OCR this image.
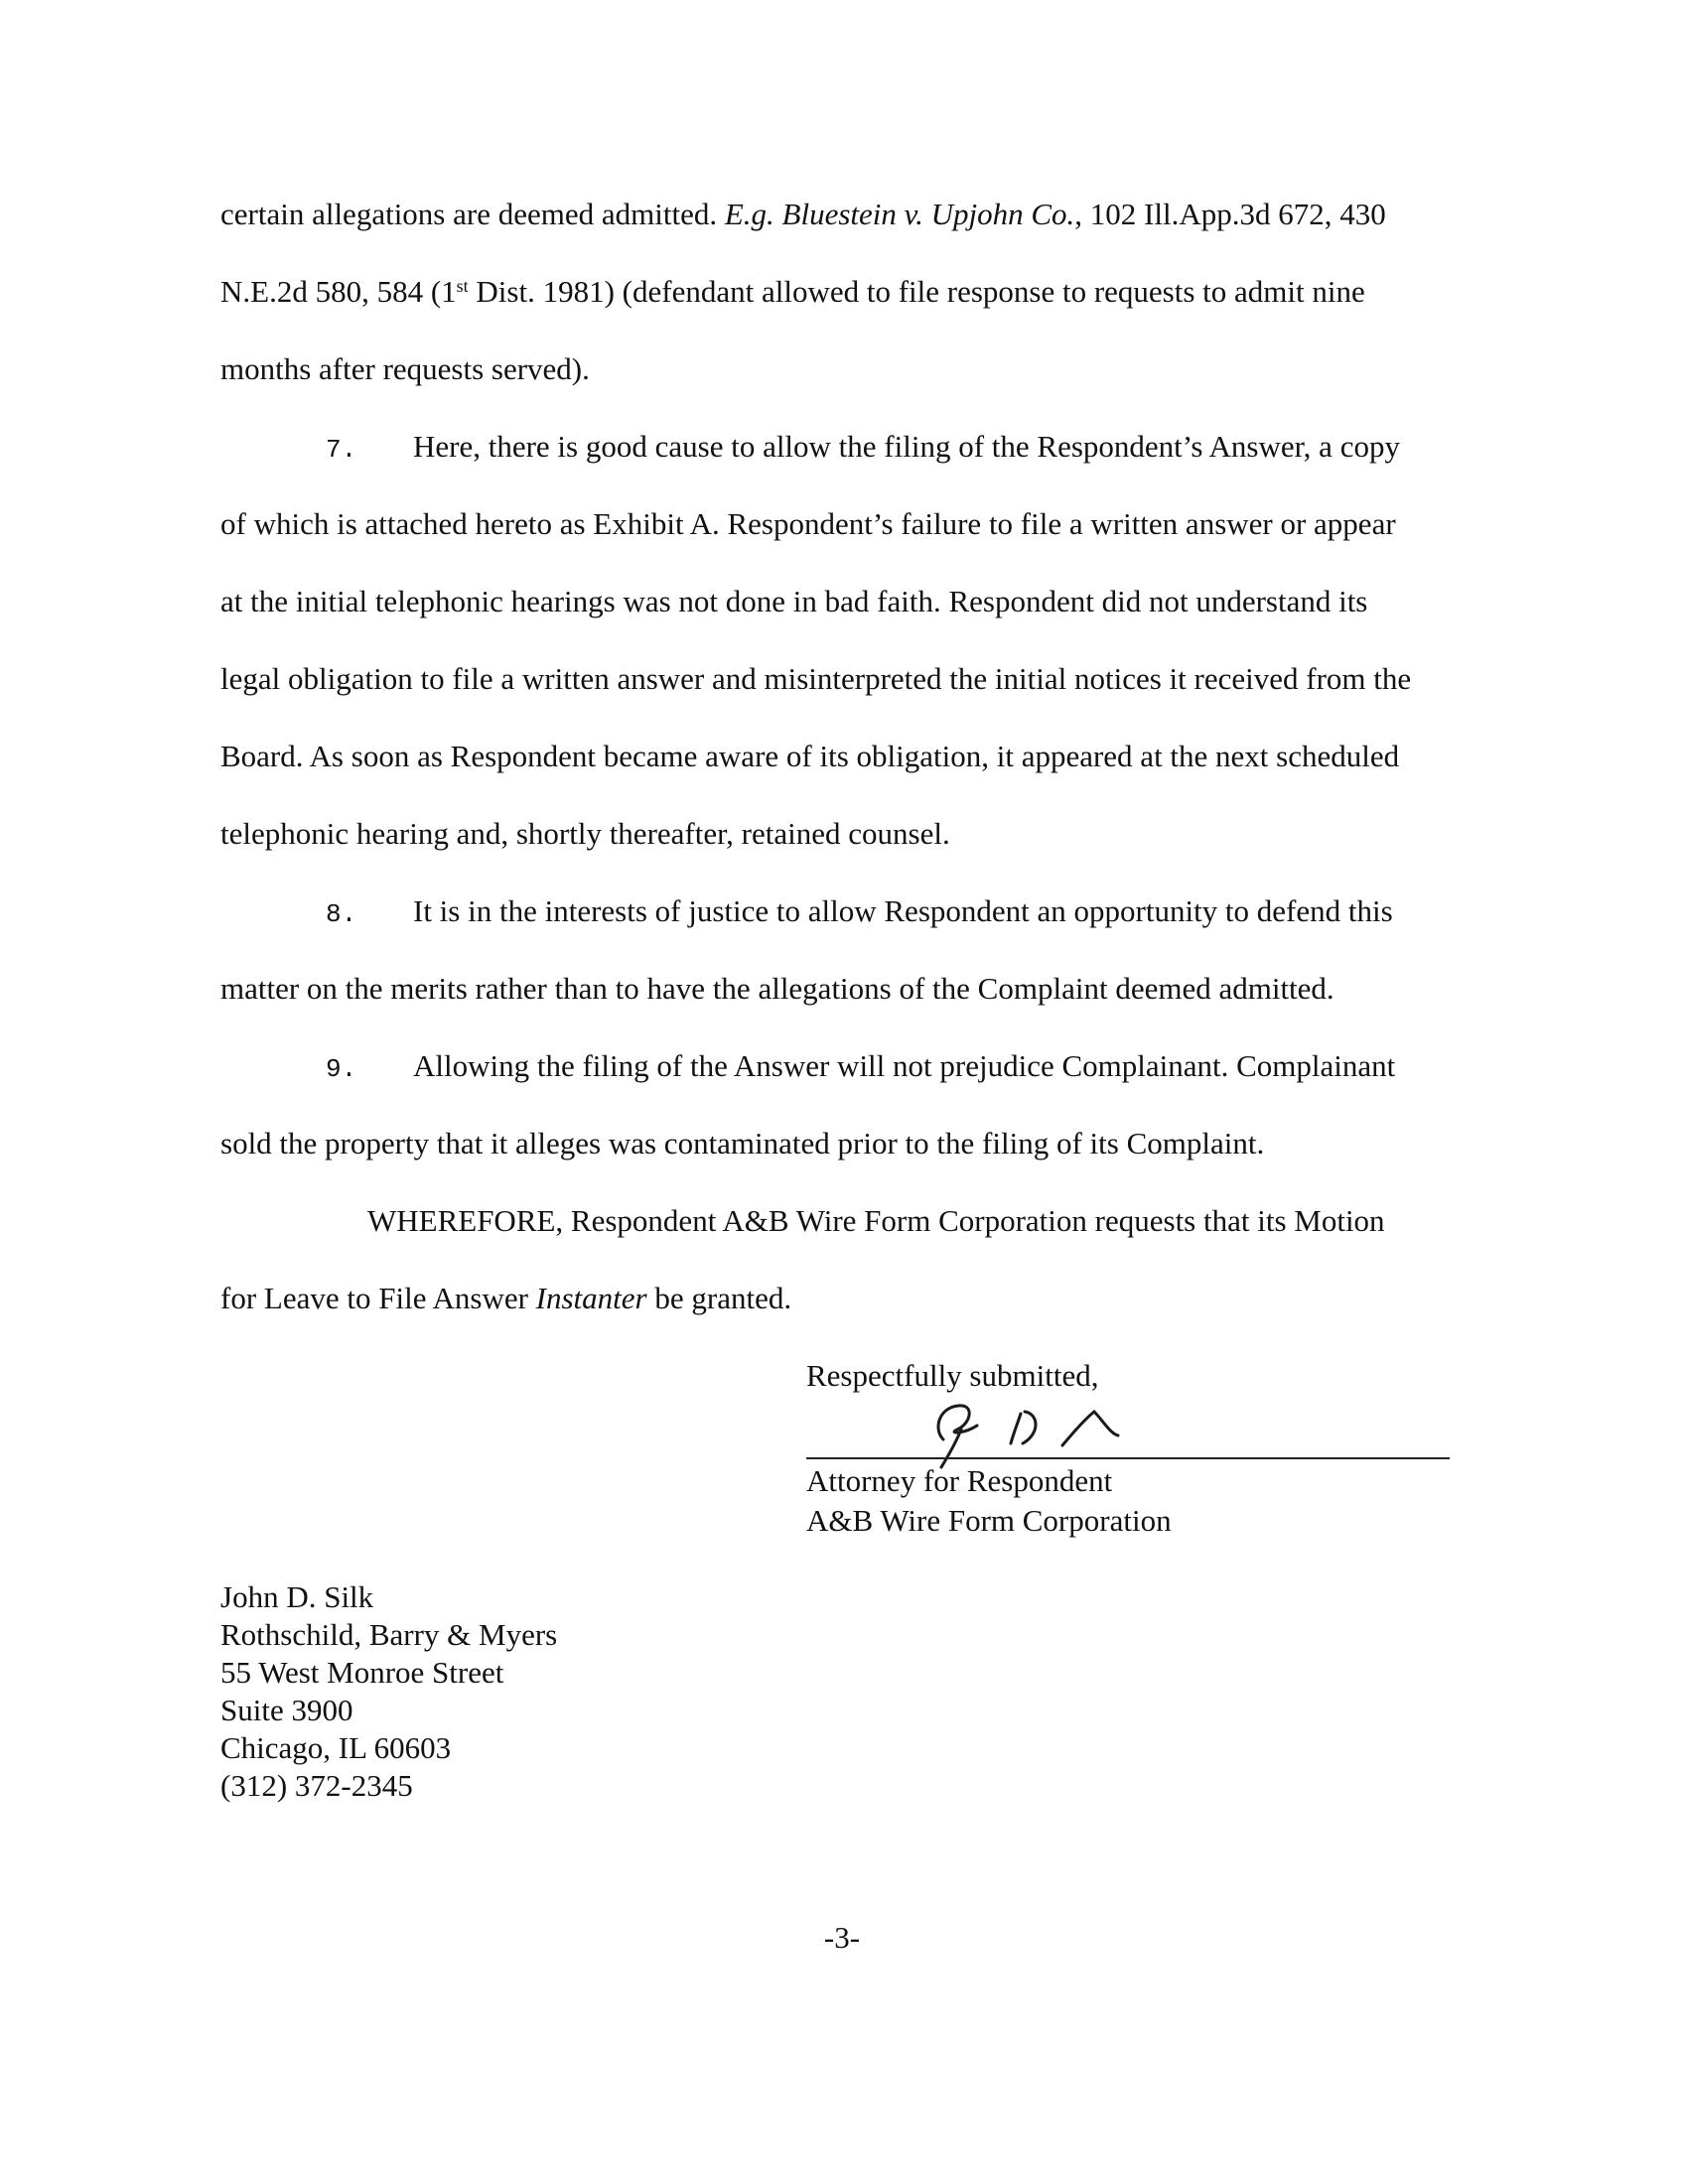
certain allegations are deemed admitted. E.g. Bluestein v. Upjohn Co., 102 Ill.App.3d 672, 430
N.E.2d 580, 584 (1st Dist. 1981) (defendant allowed to file response to requests to admit nine
months after requests served).
7. Here, there is good cause to allow the filing of the Respondent’s Answer, a copy
of which is attached hereto as Exhibit A. Respondent’s failure to file a written answer or appear
at the initial telephonic hearings was not done in bad faith. Respondent did not understand its
legal obligation to file a written answer and misinterpreted the initial notices it received from the
Board. As soon as Respondent became aware of its obligation, it appeared at the next scheduled
telephonic hearing and, shortly thereafter, retained counsel.
8. It is in the interests of justice to allow Respondent an opportunity to defend this
matter on the merits rather than to have the allegations of the Complaint deemed admitted.
9. Allowing the filing of the Answer will not prejudice Complainant. Complainant
sold the property that it alleges was contaminated prior to the filing of its Complaint.
WHEREFORE, Respondent A&B Wire Form Corporation requests that its Motion
for Leave to File Answer Instanter be granted.
Respectfully submitted,
Attorney for Respondent
A&B Wire Form Corporation
John D. Silk
Rothschild, Barry & Myers
55 West Monroe Street
Suite 3900
Chicago, IL 60603
(312) 372-2345
-3-
